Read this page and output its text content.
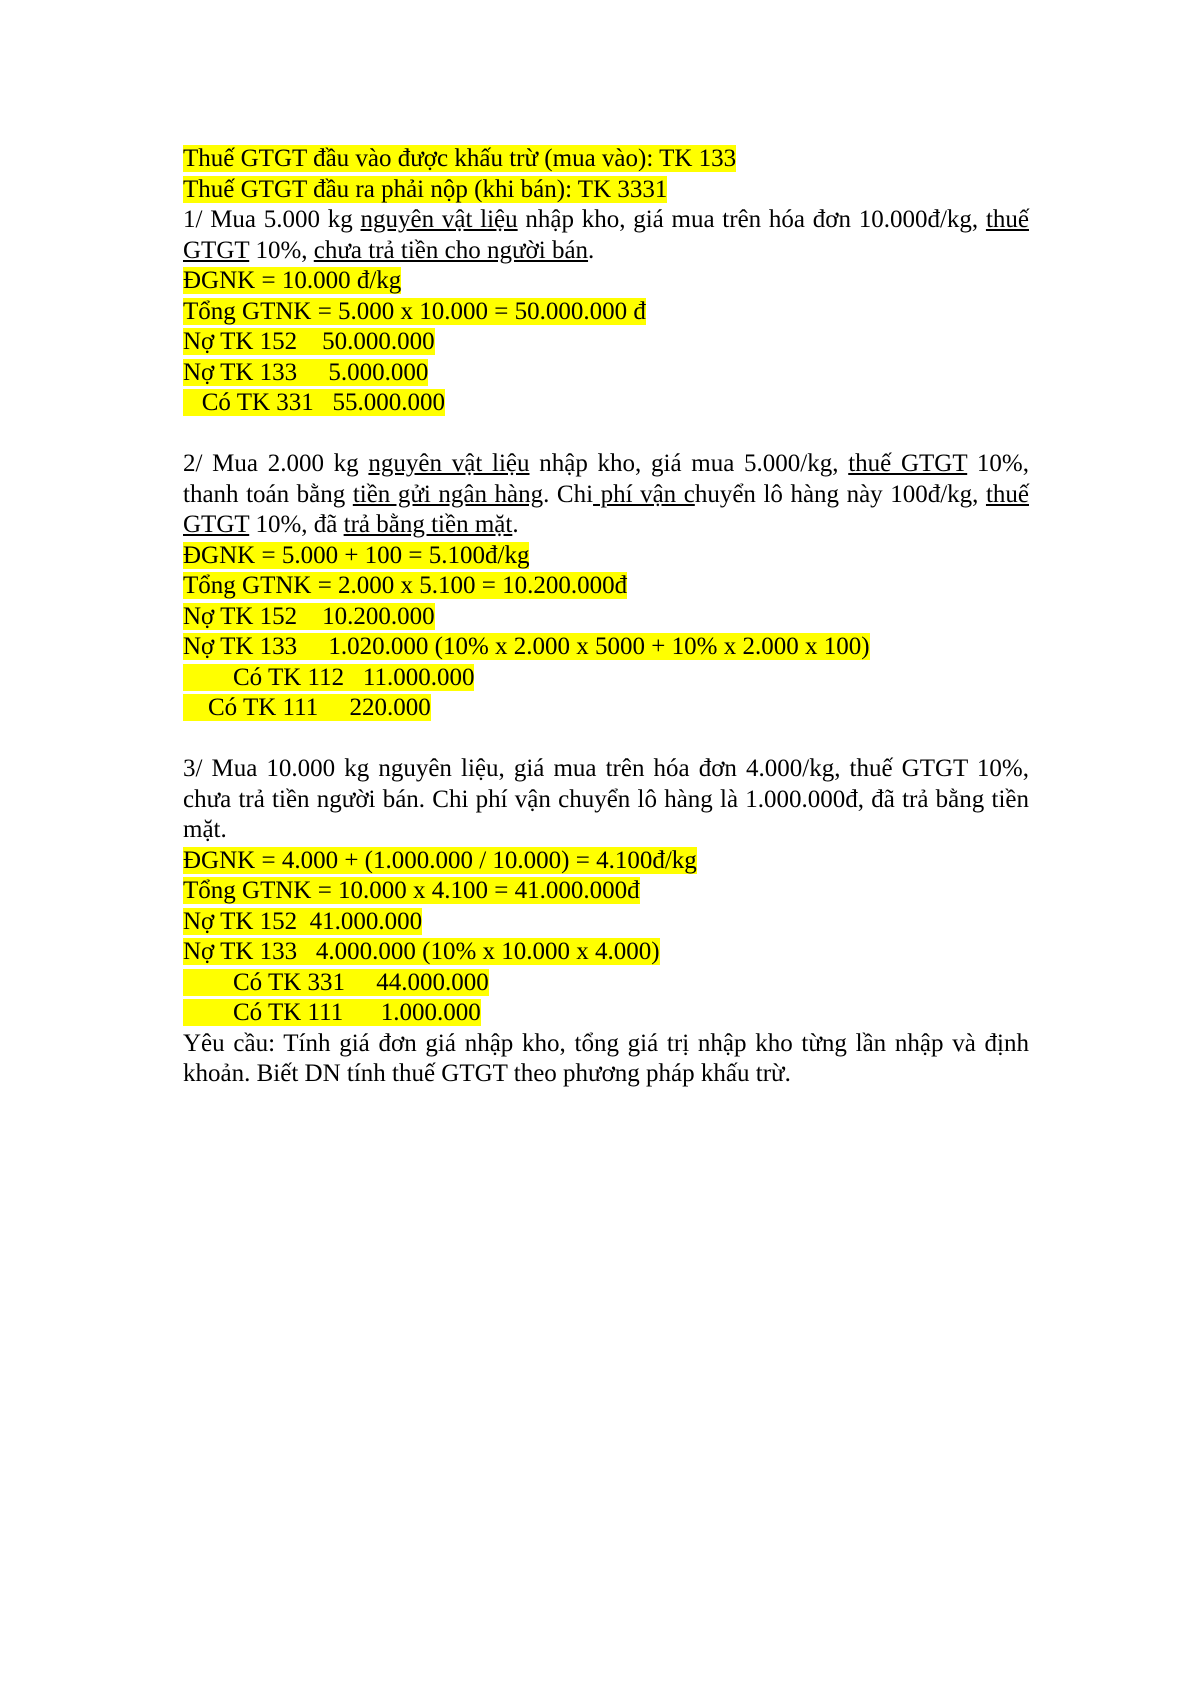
Thuế GTGT đầu vào được khấu trừ (mua vào): TK 133
Thuế GTGT đầu ra phải nộp (khi bán): TK 3331

1/ Mua 5.000 kg nguyên vật liệu nhập kho, giá mua trên hóa đơn 10.000đ/kg, thuế GTGT 10%, chưa trả tiền cho người bán.

ĐGNK = 10.000 đ/kg
Tổng GTNK = 5.000 x 10.000 = 50.000.000 đ
Nợ TK 152    50.000.000
Nợ TK 133     5.000.000
Có TK 331   55.000.000

2/ Mua 2.000 kg nguyên vật liệu nhập kho, giá mua 5.000/kg, thuế GTGT 10%, thanh toán bằng tiền gửi ngân hàng. Chi phí vận chuyển lô hàng này 100đ/kg, thuế GTGT 10%, đã trả bằng tiền mặt.

ĐGNK = 5.000 + 100 = 5.100đ/kg
Tổng GTNK = 2.000 x 5.100 = 10.200.000đ
Nợ TK 152    10.200.000
Nợ TK 133     1.020.000 (10% x 2.000 x 5000 + 10% x 2.000 x 100)
Có TK 112   11.000.000
Có TK 111     220.000

3/ Mua 10.000 kg nguyên liệu, giá mua trên hóa đơn 4.000/kg, thuế GTGT 10%, chưa trả tiền người bán. Chi phí vận chuyển lô hàng là 1.000.000đ, đã trả bằng tiền mặt.

ĐGNK = 4.000 + (1.000.000 / 10.000) = 4.100đ/kg
Tổng GTNK = 10.000 x 4.100 = 41.000.000đ
Nợ TK 152  41.000.000
Nợ TK 133   4.000.000 (10% x 10.000 x 4.000)
Có TK 331     44.000.000
Có TK 111      1.000.000

Yêu cầu: Tính giá đơn giá nhập kho, tổng giá trị nhập kho từng lần nhập và định khoản. Biết DN tính thuế GTGT theo phương pháp khấu trừ.
